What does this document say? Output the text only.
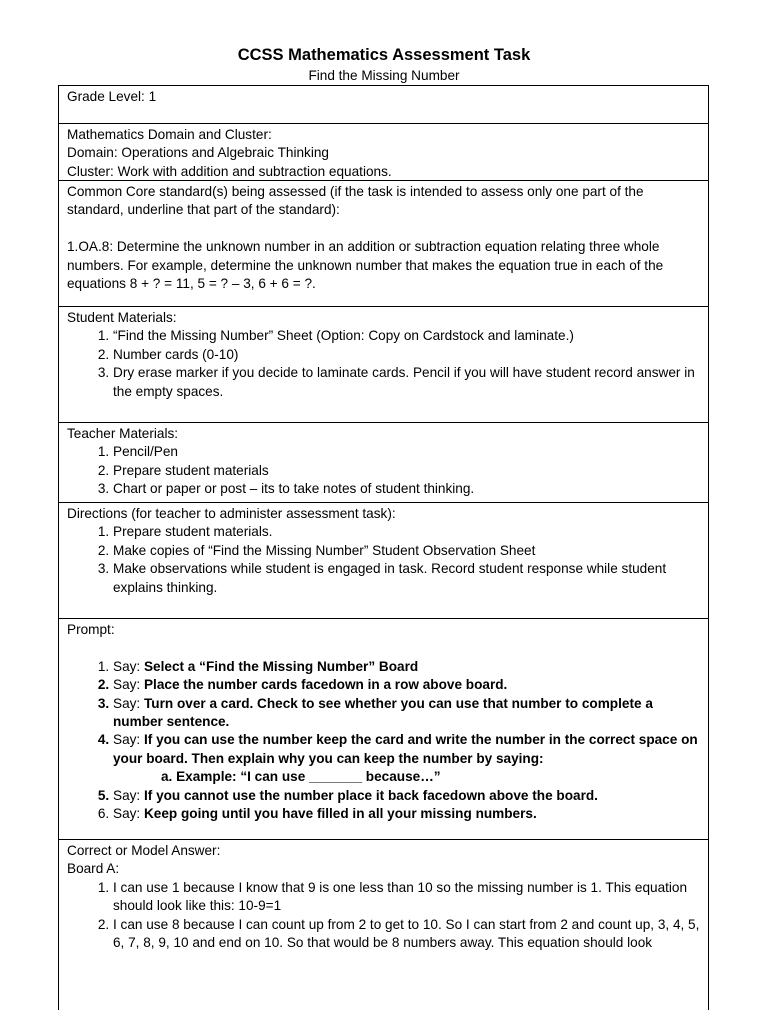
CCSS Mathematics Assessment Task
Find the Missing Number

Grade Level: 1

Mathematics Domain and Cluster:

Domain: Operations and Algebraic Thinking

Cluster: Work with addition and subtraction equations.

Common Core standard(s) being assessed (if the task is intended to assess only one part of the standard, underline that part of the standard):

1.OA.8: Determine the unknown number in an addition or subtraction equation relating three whole numbers. For example, determine the unknown number that makes the equation true in each of the equations 8 + ? = 11, 5 = ? – 3, 6 + 6 = ?.

Student Materials:

1. “Find the Missing Number” Sheet (Option: Copy on Cardstock and laminate.)
2. Number cards (0-10)
3. Dry erase marker if you decide to laminate cards. Pencil if you will have student record answer in the empty spaces.

Teacher Materials:

1. Pencil/Pen
2. Prepare student materials
3. Chart or paper or post – its to take notes of student thinking.

Directions (for teacher to administer assessment task):

1. Prepare student materials.
2. Make copies of “Find the Missing Number” Student Observation Sheet
3. Make observations while student is engaged in task. Record student response while student explains thinking.

Prompt:

1. Say: Select a “Find the Missing Number” Board
2. Say: Place the number cards facedown in a row above board.
3. Say: Turn over a card. Check to see whether you can use that number to complete a number sentence.
4. Say: If you can use the number keep the card and write the number in the correct space on your board. Then explain why you can keep the number by saying:
a. Example: “I can use _______ because…”
5. Say: If you cannot use the number place it back facedown above the board.
6. Say: Keep going until you have filled in all your missing numbers.

Correct or Model Answer:

Board A:

1. I can use 1 because I know that 9 is one less than 10 so the missing number is 1. This equation should look like this: 10-9=1
2. I can use 8 because I can count up from 2 to get to 10. So I can start from 2 and count up, 3, 4, 5, 6, 7, 8, 9, 10 and end on 10. So that would be 8 numbers away. This equation should look
